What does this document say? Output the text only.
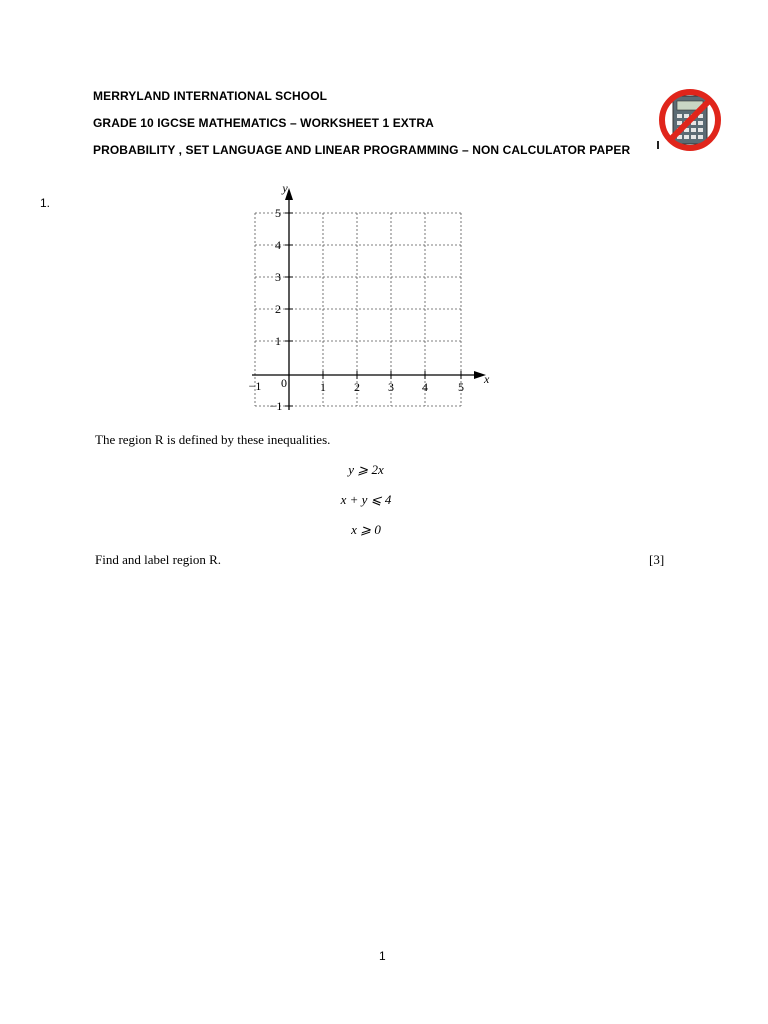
MERRYLAND INTERNATIONAL SCHOOL
GRADE 10 IGCSE MATHEMATICS – WORKSHEET 1 EXTRA
PROBABILITY , SET LANGUAGE AND LINEAR PROGRAMMING – NON CALCULATOR PAPER
1.
5
4
3
2
1
−1
−1 0	1 2 3 4	5
y
x
The region R is defined by these inequalities.
y ⩾ 2x
x + y ⩽ 4
x ⩾ 0
Find and label region R.	[3]
1
